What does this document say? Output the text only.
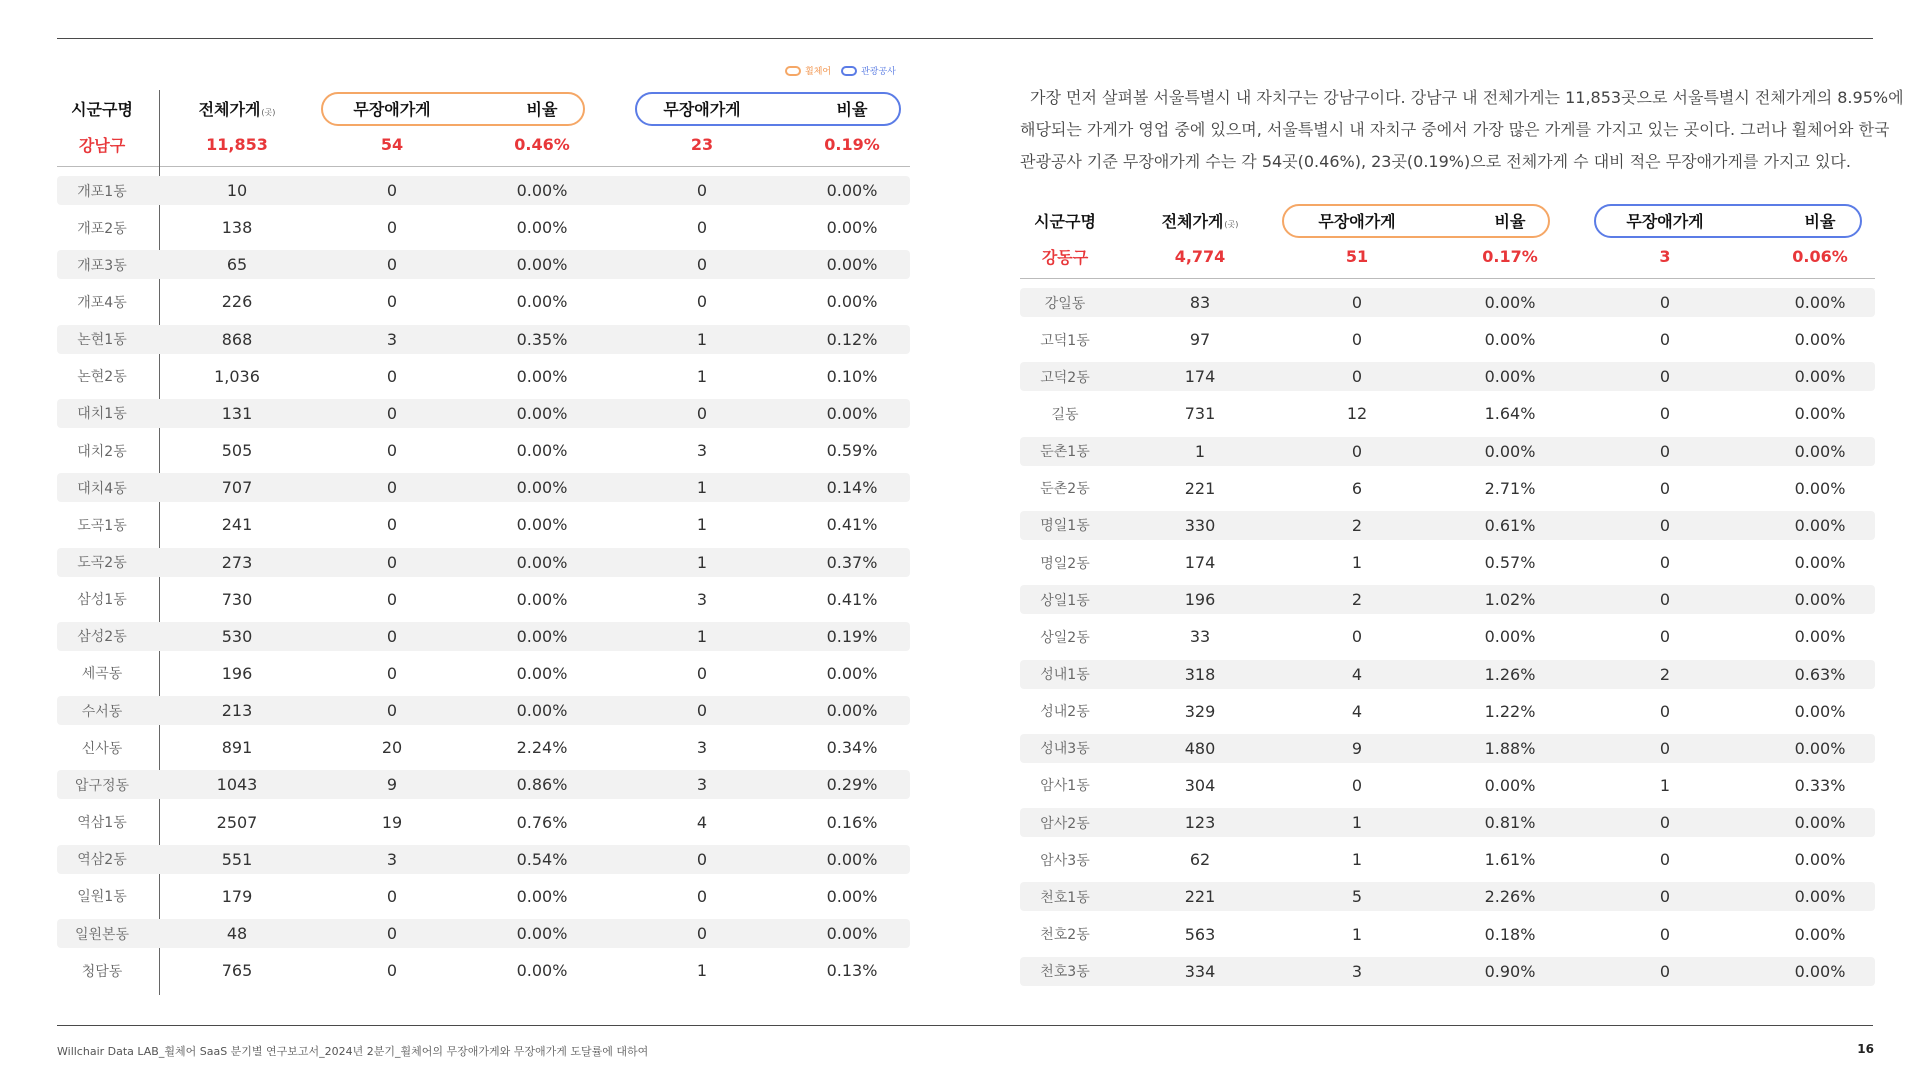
휠체어	관광공사
시군구명	전체가게 (곳)	무장애가게	비율	무장애가게	비율
강남구	11,853	54	0.46%	23	0.19%
개포1동	10	0	0.00%	0	0.00%
개포2동	138	0	0.00%	0	0.00%
개포3동	65	0	0.00%	0	0.00%
개포4동	226	0	0.00%	0	0.00%
논현1동	868	3	0.35%	1	0.12%
논현2동	1,036	0	0.00%	1	0.10%
대치1동	131	0	0.00%	0	0.00%
대치2동	505	0	0.00%	3	0.59%
대치4동	707	0	0.00%	1	0.14%
도곡1동	241	0	0.00%	1	0.41%
도곡2동	273	0	0.00%	1	0.37%
삼성1동	730	0	0.00%	3	0.41%
삼성2동	530	0	0.00%	1	0.19%
세곡동	196	0	0.00%	0	0.00%
수서동	213	0	0.00%	0	0.00%
신사동	891	20	2.24%	3	0.34%
압구정동	1043	9	0.86%	3	0.29%
역삼1동	2507	19	0.76%	4	0.16%
역삼2동	551	3	0.54%	0	0.00%
일원1동	179	0	0.00%	0	0.00%
일원본동	48	0	0.00%	0	0.00%
청담동	765	0	0.00%	1	0.13%

가장 먼저 살펴볼 서울특별시 내 자치구는 강남구이다. 강남구 내 전체가게는 11,853곳으로 서울특별시 전체가게의 8.95%에

해당되는 가게가 영업 중에 있으며, 서울특별시 내 자치구 중에서 가장 많은 가게를 가지고 있는 곳이다. 그러나 휠체어와 한국

관광공사 기준 무장애가게 수는 각 54곳(0.46%), 23곳(0.19%)으로 전체가게 수 대비 적은 무장애가게를 가지고 있다.

시군구명	전체가게 (곳)	무장애가게	비율	무장애가게	비율
강동구	4,774	51	0.17%	3	0.06%
강일동	83	0	0.00%	0	0.00%
고덕1동	97	0	0.00%	0	0.00%
고덕2동	174	0	0.00%	0	0.00%
길동	731	12	1.64%	0	0.00%
둔촌1동	1	0	0.00%	0	0.00%
둔촌2동	221	6	2.71%	0	0.00%
명일1동	330	2	0.61%	0	0.00%
명일2동	174	1	0.57%	0	0.00%
상일1동	196	2	1.02%	0	0.00%
상일2동	33	0	0.00%	0	0.00%
성내1동	318	4	1.26%	2	0.63%
성내2동	329	4	1.22%	0	0.00%
성내3동	480	9	1.88%	0	0.00%
암사1동	304	0	0.00%	1	0.33%
암사2동	123	1	0.81%	0	0.00%
암사3동	62	1	1.61%	0	0.00%
천호1동	221	5	2.26%	0	0.00%
천호2동	563	1	0.18%	0	0.00%
천호3동	334	3	0.90%	0	0.00%
Willchair Data LAB_휠체어 SaaS 분기별 연구보고서_2024년 2분기_휠체어의 무장애가게와 무장애가게 도달률에 대하여	16
